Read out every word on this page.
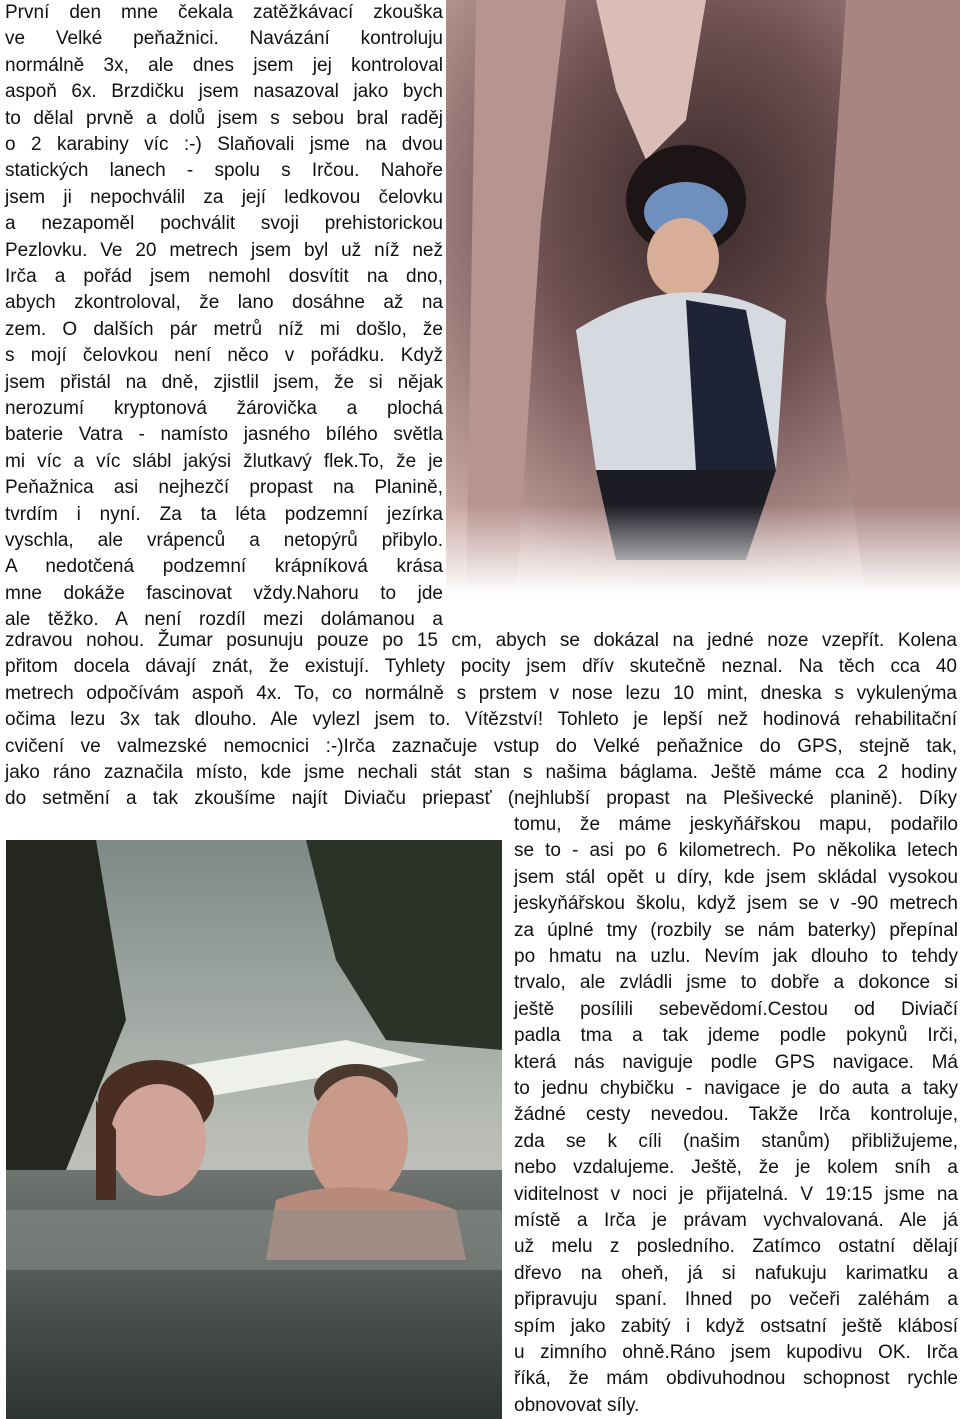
První den mne čekala zatěžkávací zkouška
ve Velké peňažnici. Navázání kontroluju
normálně 3x, ale dnes jsem jej kontroloval
aspoň 6x. Brzdičku jsem nasazoval jako bych
to dělal prvně a dolů jsem s sebou bral raděj
o 2 karabiny víc :-) Slaňovali jsme na dvou
statických lanech - spolu s Irčou. Nahoře
jsem ji nepochválil za její ledkovou čelovku
a nezapoměl pochválit svoji prehistorickou
Pezlovku. Ve 20 metrech jsem byl už níž než
Irča a pořád jsem nemohl dosvítit na dno,
abych zkontroloval, že lano dosáhne až na
zem. O dalších pár metrů níž mi došlo, že
s mojí čelovkou není něco v pořádku. Když
jsem přistál na dně, zjistlil jsem, že si nějak
nerozumí kryptonová žárovička a plochá
baterie Vatra - namísto jasného bílého světla
mi víc a víc slábl jakýsi žlutkavý flek.To, že je
Peňažnica asi nejhezčí propast na Planině,
tvrdím i nyní. Za ta léta podzemní jezírka
vyschla, ale vrápenců a netopýrů přibylo.
A nedotčená podzemní krápníková krása
mne dokáže fascinovat vždy.Nahoru to jde
ale těžko. A není rozdíl mezi dolámanou a
zdravou nohou. Žumar posunuju pouze po 15 cm, abych se dokázal na jedné noze vzepřít. Kolena
přitom docela dávají znát, že existují. Tyhlety pocity jsem dřív skutečně neznal. Na těch cca 40
metrech odpočívám aspoň 4x. To, co normálně s prstem v nose lezu 10 mint, dneska s vykulenýma
očima lezu 3x tak dlouho. Ale vylezl jsem to. Vítězství! Tohleto je lepší než hodinová rehabilitační
cvičení ve valmezské nemocnici :-)Irča zaznačuje vstup do Velké peňažnice do GPS, stejně tak,
jako ráno zaznačila místo, kde jsme nechali stát stan s našima báglama. Ještě máme cca 2 hodiny
do setmění a tak zkoušíme najít Diviaču priepasť (nejhlubší propast na Plešivecké planině). Díky
tomu, že máme jeskyňářskou mapu, podařilo
se to - asi po 6 kilometrech. Po několika letech
jsem stál opět u díry, kde jsem skládal vysokou
jeskyňářskou školu, když jsem se v -90 metrech
za úplné tmy (rozbily se nám baterky) přepínal
po hmatu na uzlu. Nevím jak dlouho to tehdy
trvalo, ale zvládli jsme to dobře a dokonce si
ještě posílili sebevědomí.Cestou od Diviačí
padla tma a tak jdeme podle pokynů Irči,
která nás naviguje podle GPS navigace. Má
to jednu chybičku - navigace je do auta a taky
žádné cesty nevedou. Takže Irča kontroluje,
zda se k cíli (našim stanům) přibližujeme,
nebo vzdalujeme. Ještě, že je kolem sníh a
viditelnost v noci je přijatelná. V 19:15 jsme na
místě a Irča je právam vychvalovaná. Ale já
už melu z posledního. Zatímco ostatní dělají
dřevo na oheň, já si nafukuju karimatku a
připravuju spaní. Ihned po večeři zaléhám a
spím jako zabitý i když ostsatní ještě klábosí
u zimního ohně.Ráno jsem kupodivu OK. Irča
říká, že mám obdivuhodnou schopnost rychle
obnovovat síly.
